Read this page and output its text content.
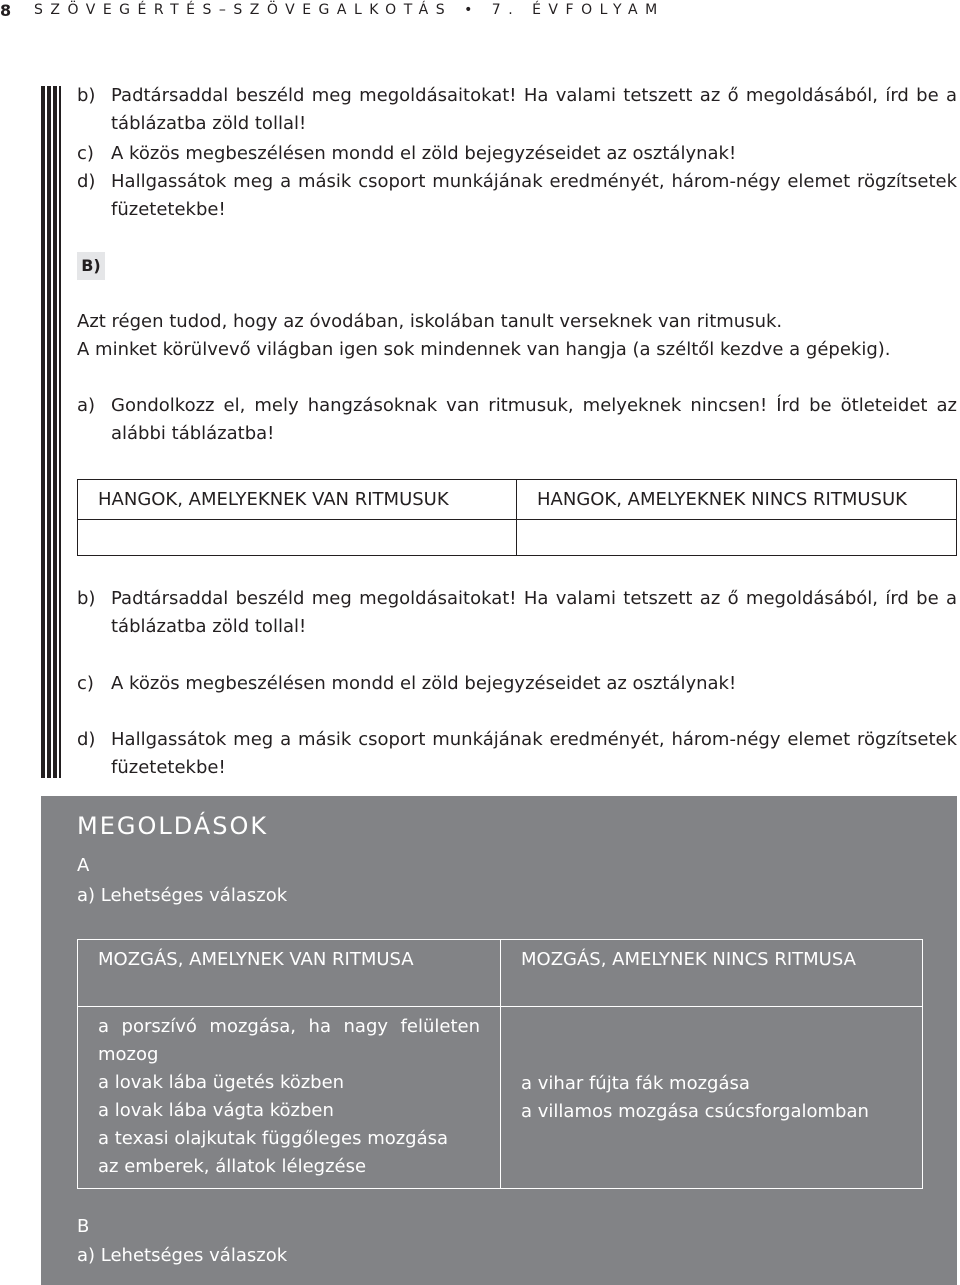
8 SZÖVEGÉRTÉS–SZÖVEGALKOTÁS • 7. ÉVFOLYAM
b) Padtársaddal beszéld meg megoldásaitokat! Ha valami tetszett az ő megoldásából, írd be a táblázatba zöld tollal!
c) A közös megbeszélésen mondd el zöld bejegyzéseidet az osztálynak!
d) Hallgassátok meg a másik csoport munkájának eredményét, három-négy elemet rögzítsetek füzetetekbe!
B)
Azt régen tudod, hogy az óvodában, iskolában tanult verseknek van ritmusuk.
A minket körülvevő világban igen sok mindennek van hangja (a széltől kezdve a gépekig).
a) Gondolkozz el, mely hangzásoknak van ritmusuk, melyeknek nincsen! Írd be ötleteidet az alábbi táblázatba!
HANGOK, AMELYEKNEK VAN RITMUSUK	HANGOK, AMELYEKNEK NINCS RITMUSUK

b) Padtársaddal beszéld meg megoldásaitokat! Ha valami tetszett az ő megoldásából, írd be a táblázatba zöld tollal!
c) A közös megbeszélésen mondd el zöld bejegyzéseidet az osztálynak!
d) Hallgassátok meg a másik csoport munkájának eredményét, három-négy elemet rögzítsetek füzetetekbe!
MEGOLDÁSOK
A
a) Lehetséges válaszok
MOZGÁS, AMELYNEK VAN RITMUSA	MOZGÁS, AMELYNEK NINCS RITMUSA

a porszívó mozgása, ha nagy felületen mozog
a lovak lába ügetés közben
a lovak lába vágta közben
a texasi olajkutak függőleges mozgása
az emberek, állatok lélegzése	a vihar fújta fák mozgása
a villamos mozgása csúcsforgalomban
B
a) Lehetséges válaszok
